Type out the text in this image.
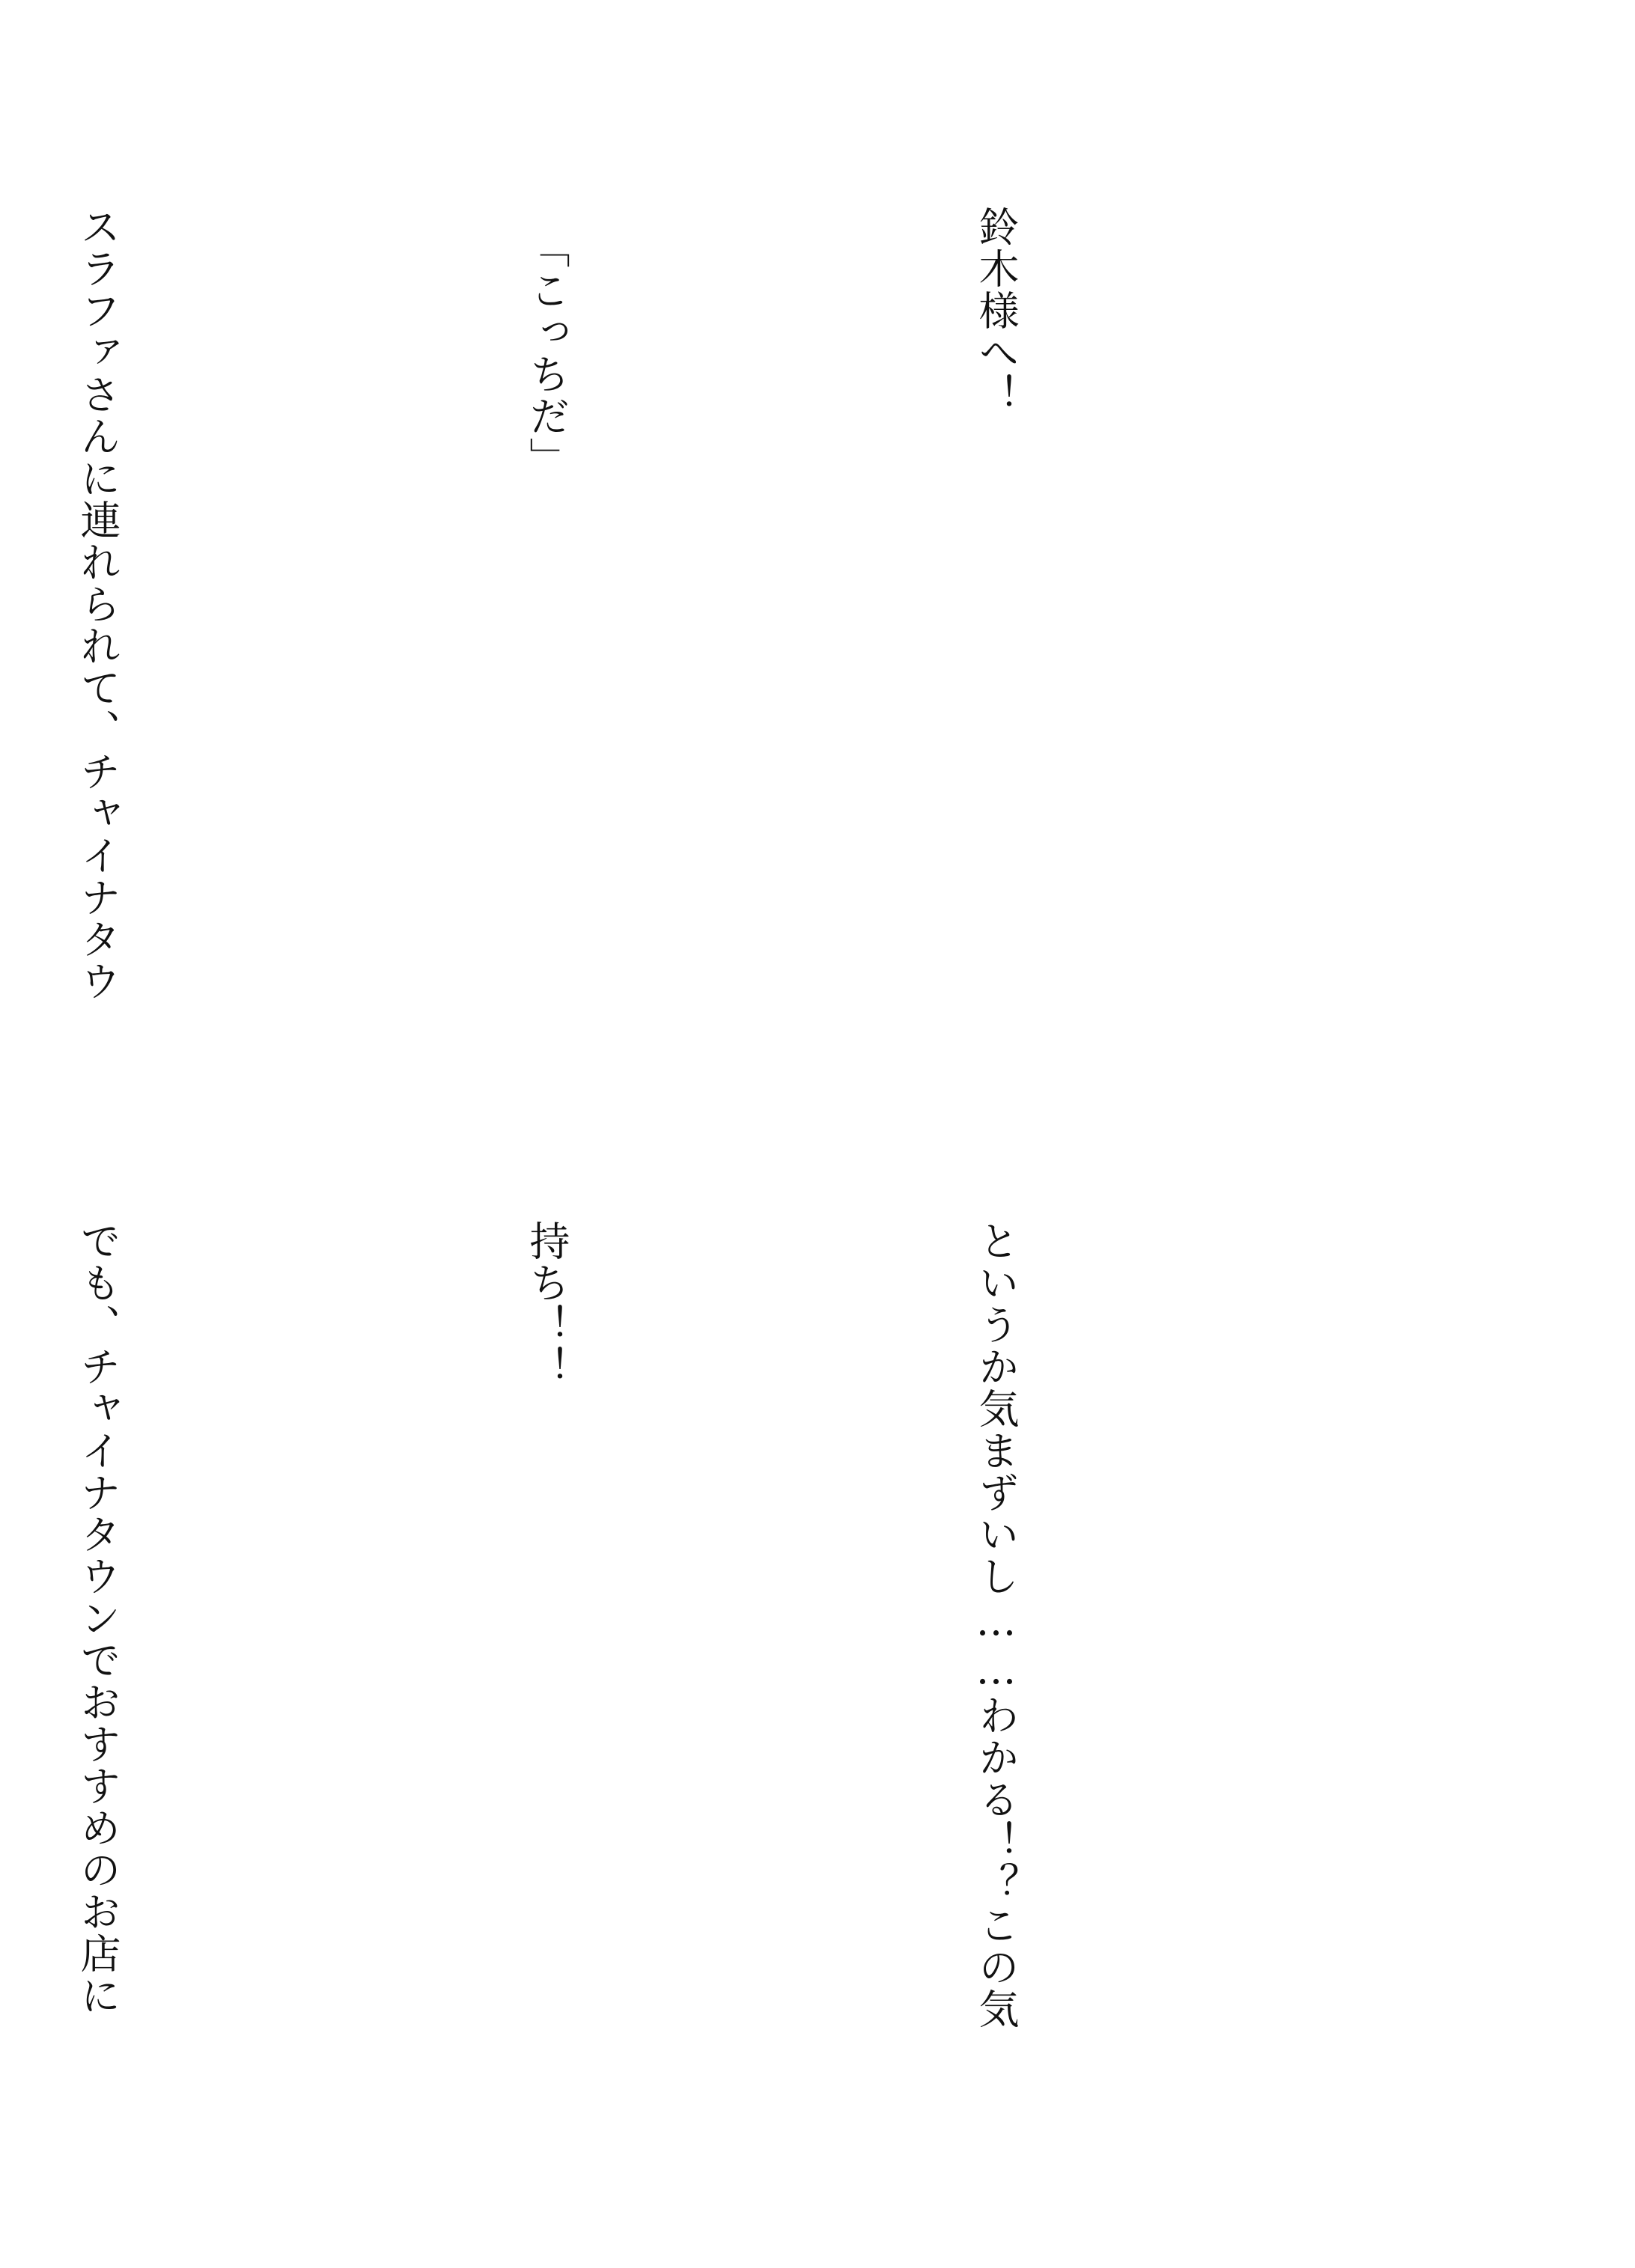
鈴木様へ！

　「こっちだ」

スラファさんに連れられて、チャイナタウ

というか気まずいし……わかる！？この気

持ち！！

でも、チャイナタウンでおすすめのお店に
